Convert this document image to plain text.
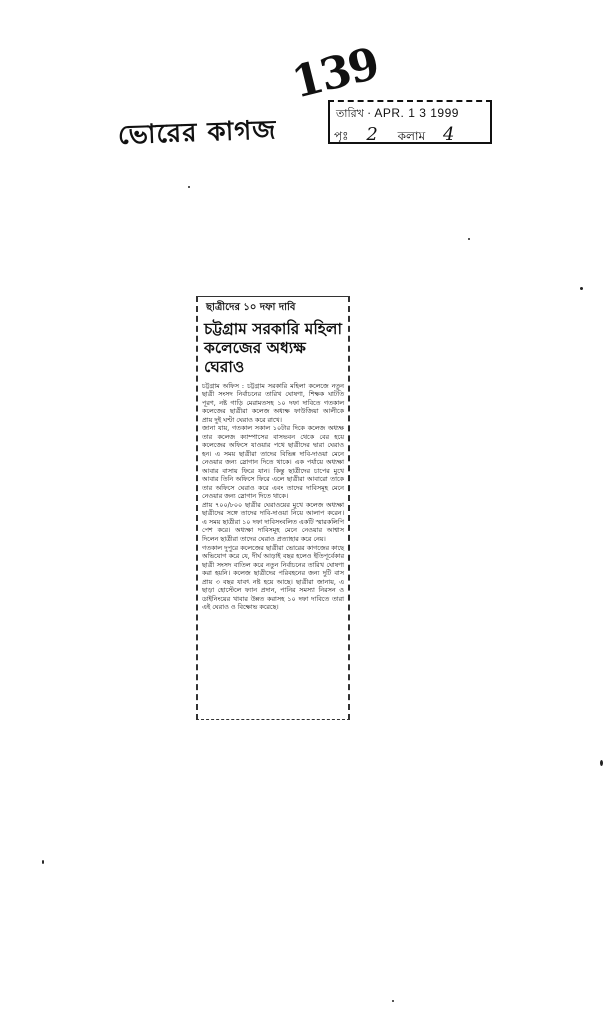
139
ভোরের কাগজ
তারিখ · APR. 1 3 1999
পৃঃ 2 কলাম 4
ছাত্রীদের ১০ দফা দাবি
চট্টগ্রাম সরকারি মহিলা
কলেজের অধ্যক্ষ ঘেরাও

চট্টগ্রাম অফিস : চট্টগ্রাম সরকারি মহিলা কলেজে নতুন ছাত্রী সংসদ নির্বাচনের তারিখ ঘোষণা, শিক্ষক ঘাটতি পূরণ, নষ্ট গাড়ি মেরামতসহ ১০ দফা দাবিতে গতকাল কলেজের ছাত্রীরা কলেজ অধ্যক্ষ ফাউজিয়া আলীকে প্রায় দুই ঘণ্টা ঘেরাও করে রাখে।

জানা যায়, গতকাল সকাল ১০টার দিকে কলেজ অধ্যক্ষ তার কলেজ ক্যাম্পাসের বাসভবন থেকে বের হয়ে কলেজের অফিসে যাওয়ার পথে ছাত্রীদের দ্বারা ঘেরাও হন। এ সময় ছাত্রীরা তাদের বিভিন্ন দাবি-দাওয়া মেনে নেওয়ার জন্য স্লোগান দিতে থাকে। এক পর্যায়ে অধ্যক্ষা আবার বাসায় ফিরে যান। কিন্তু ছাত্রীদের চাপের মুখে আবার তিনি অফিসে ফিরে এলে ছাত্রীরা আবারো তাকে তার অফিসে ঘেরাও করে এবং তাদের দাবিসমূহ মেনে নেওয়ার জন্য স্লোগান দিতে থাকে।

প্রায় ৭০০/৮০০ ছাত্রীর ঘেরাওয়ের মুখে কলেজ অধ্যক্ষা ছাত্রীদের সঙ্গে তাদের দাবি-দাওয়া নিয়ে আলাপ করেন। এ সময় ছাত্রীরা ১০ দফা দাবিসংবলিত একটি স্মারকলিপি পেশ করে। অধ্যক্ষা দাবিসমূহ মেনে নেওয়ার আশ্বাস দিলেন ছাত্রীরা তাদের ঘেরাও প্রত্যাহার করে নেয়।

গতকাল দুপুরে কলেজের ছাত্রীরা ভোরের কাগজের কাছে অভিযোগ করে যে, দীর্ঘ আড়াই বছর হলেও ইতিপূর্বেকার ছাত্রী সংসদ বাতিল করে নতুন নির্বাচনের তারিখ ঘোষণা করা হয়নি। কলেজ ছাত্রীদের পরিবহনের জন্য দুটি বাস প্রায় ৩ বছর যাবৎ নষ্ট হয়ে আছে। ছাত্রীরা জানায়, এ ছাড়া হোস্টেলে ফ্যান প্রদান, পানির সমস্যা নিরসন ও ডাইনিংয়ের খাবার উন্নত করাসহ ১০ দফা দাবিতে তারা এই ঘেরাও ও বিক্ষোভ করেছে।
